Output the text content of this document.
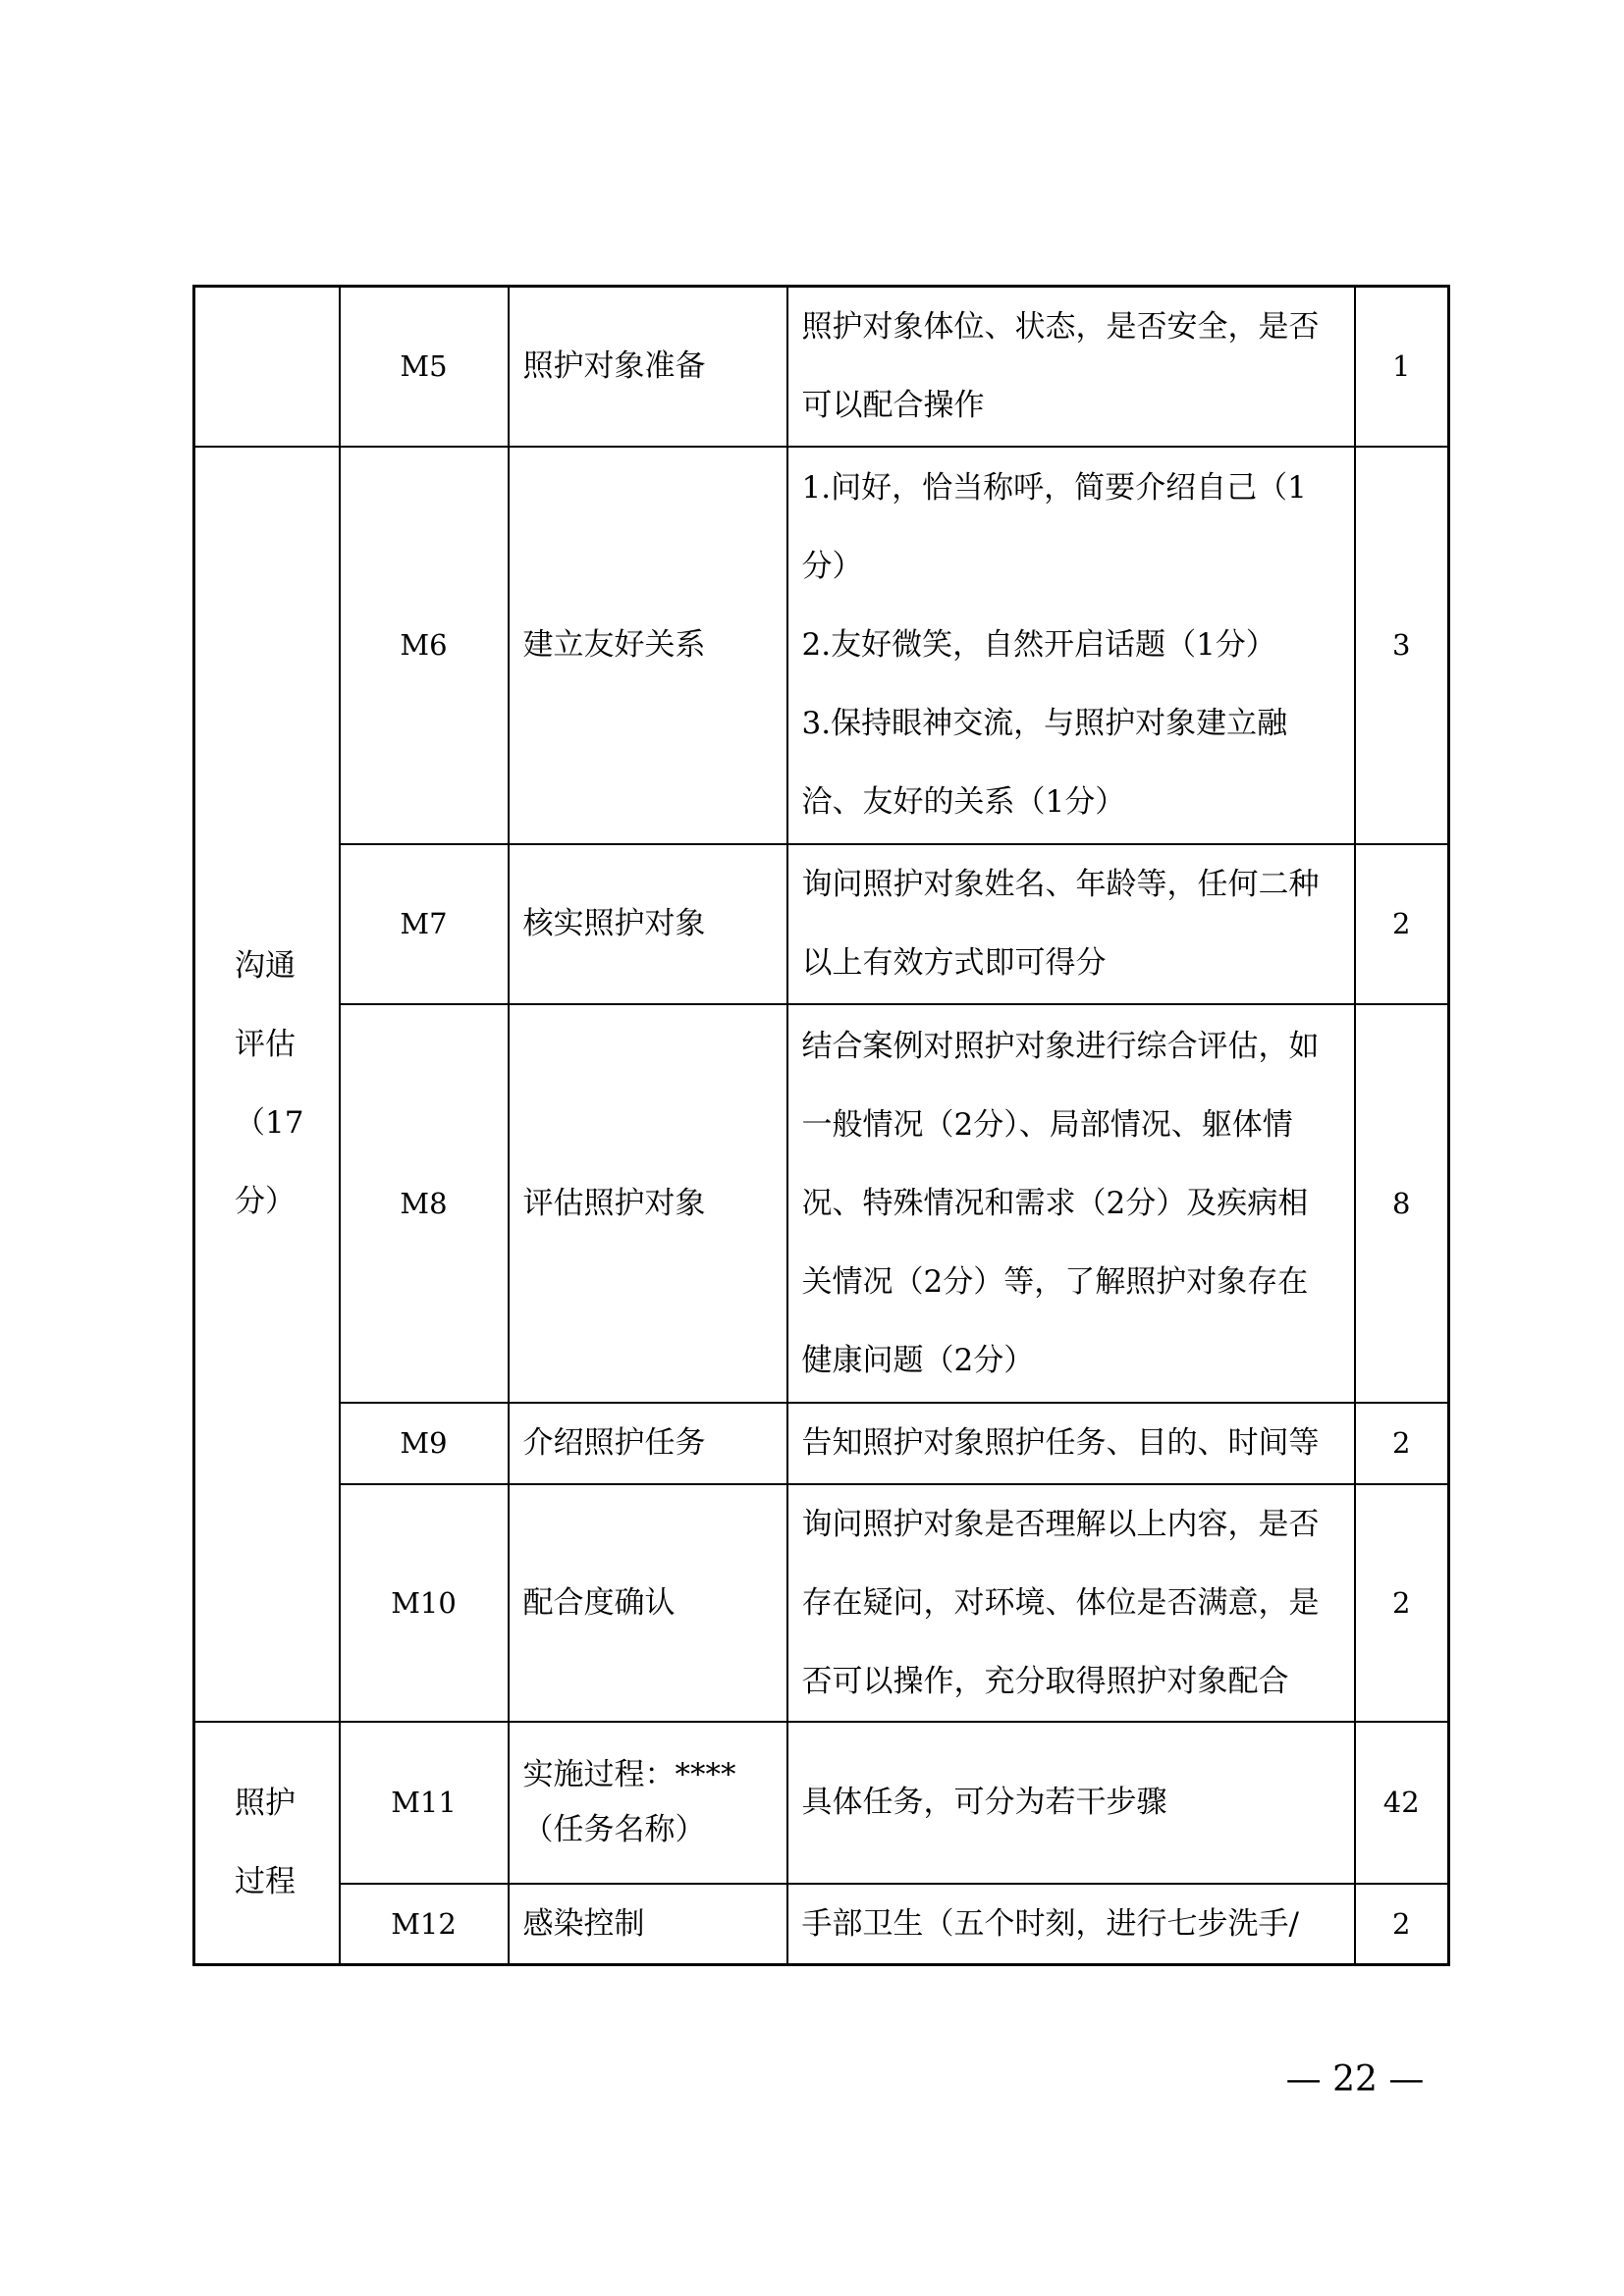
	M5	照护对象准备	照护对象体位、状态，是否安全，是否
可以配合操作	1

沟通
评估
（17
分）	M6	建立友好关系	1.问好，恰当称呼，简要介绍自己（1
分）
2.友好微笑，自然开启话题（1分）
3.保持眼神交流，与照护对象建立融
洽、友好的关系（1分）	3
	M7	核实照护对象	询问照护对象姓名、年龄等，任何二种
以上有效方式即可得分	2
	M8	评估照护对象	结合案例对照护对象进行综合评估，如
一般情况（2分）、局部情况、躯体情
况、特殊情况和需求（2分）及疾病相
关情况（2分）等，了解照护对象存在
健康问题（2分）	8
	M9	介绍照护任务	告知照护对象照护任务、目的、时间等	2
	M10	配合度确认	询问照护对象是否理解以上内容，是否
存在疑问，对环境、体位是否满意，是
否可以操作，充分取得照护对象配合	2

照护
过程	M11	实施过程：****
（任务名称）	具体任务，可分为若干步骤	42
	M12	感染控制	手部卫生（五个时刻，进行七步洗手/	2
— 22 —
